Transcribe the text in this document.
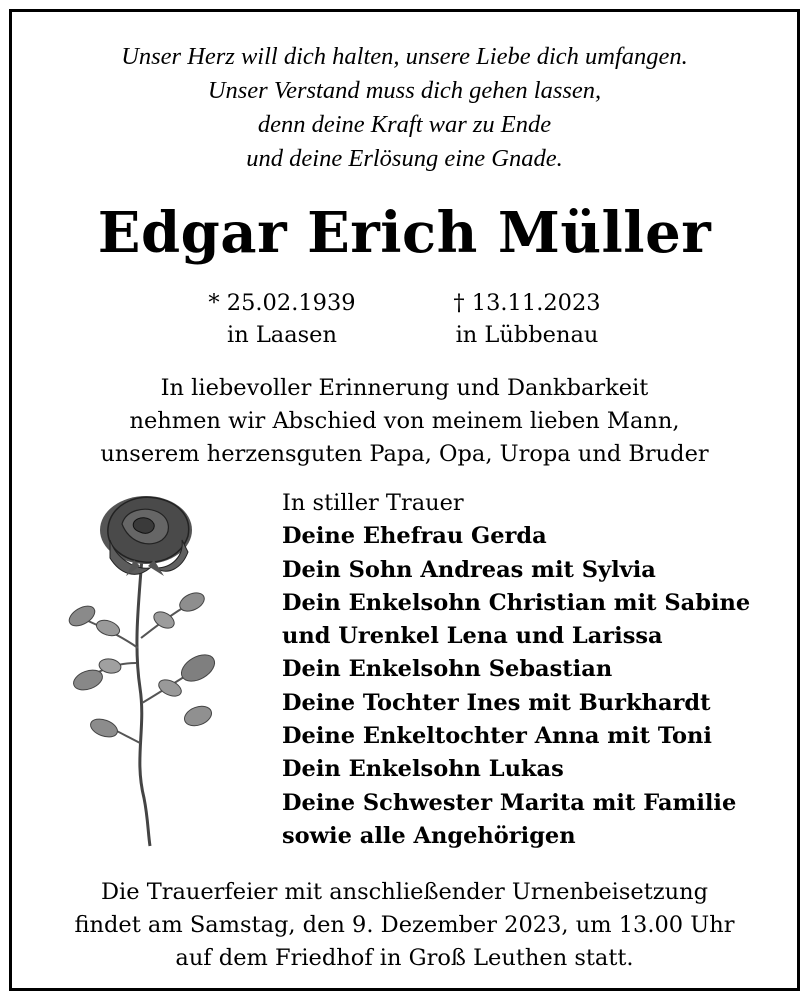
Unser Herz will dich halten, unsere Liebe dich umfangen.
Unser Verstand muss dich gehen lassen,
denn deine Kraft war zu Ende
und deine Erlösung eine Gnade.
Edgar Erich Müller
* 25.02.1939
in Laasen
† 13.11.2023
in Lübbenau
In liebevoller Erinnerung und Dankbarkeit
nehmen wir Abschied von meinem lieben Mann,
unserem herzensguten Papa, Opa, Uropa und Bruder
In stiller Trauer
Deine Ehefrau Gerda
Dein Sohn Andreas mit Sylvia
Dein Enkelsohn Christian mit Sabine
und Urenkel Lena und Larissa
Dein Enkelsohn Sebastian
Deine Tochter Ines mit Burkhardt
Deine Enkeltochter Anna mit Toni
Dein Enkelsohn Lukas
Deine Schwester Marita mit Familie
sowie alle Angehörigen
Die Trauerfeier mit anschließender Urnenbeisetzung
findet am Samstag, den 9. Dezember 2023, um 13.00 Uhr
auf dem Friedhof in Groß Leuthen statt.
